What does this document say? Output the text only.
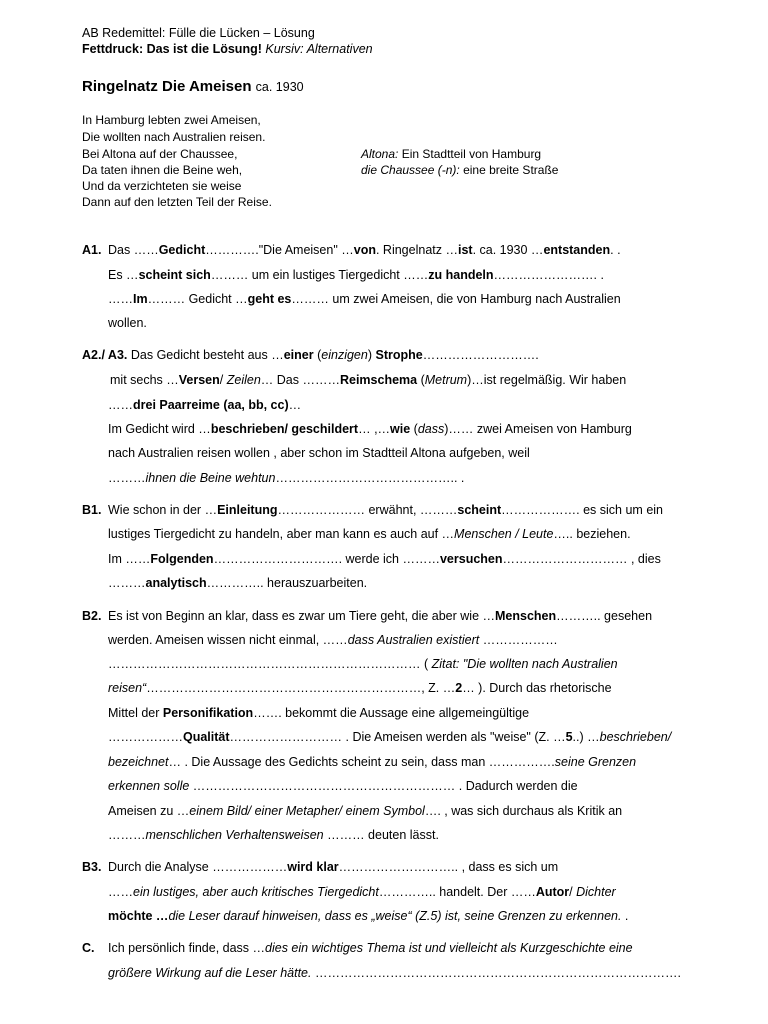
AB Redemittel: Fülle die Lücken – Lösung
Fettdruck: Das ist die Lösung! Kursiv: Alternativen
Ringelnatz Die Ameisen ca. 1930
In Hamburg lebten zwei Ameisen,
Die wollten nach Australien reisen.
Bei Altona auf der Chaussee,
Da taten ihnen die Beine weh,
Und da verzichteten sie weise
Dann auf den letzten Teil der Reise.
Altona: Ein Stadtteil von Hamburg
die Chaussee (-n): eine breite Straße
A1. Das ……Gedicht…………."Die Ameisen" …von. Ringelnatz …ist. ca. 1930 …entstanden. .
Es …scheint sich……… um ein lustiges Tiergedicht ……zu handeln……………………. .
……Im……… Gedicht …geht es……… um zwei Ameisen, die von Hamburg nach Australien
wollen.
A2./ A3. Das Gedicht besteht aus …einer (einzigen) Strophe……………………….
mit sechs …Versen/ Zeilen… Das ………Reimschema (Metrum)…ist regelmäßig. Wir haben
……drei Paarreime (aa, bb, cc)…
Im Gedicht wird …beschrieben/ geschildert… ,…wie (dass)…… zwei Ameisen von Hamburg
nach Australien reisen wollen , aber schon im Stadtteil Altona aufgeben, weil
………ihnen die Beine wehtun…………………………………….. .
B1. Wie schon in der …Einleitung………………… erwähnt, ………scheint………………. es sich um ein
lustiges Tiergedicht zu handeln, aber man kann es auch auf …Menschen / Leute….. beziehen.
Im ……Folgenden…………………………. werde ich ………versuchen………………………… , dies
………analytisch………….. herauszuarbeiten.
B2. Es ist von Beginn an klar, dass es zwar um Tiere geht, die aber wie …Menschen……….. gesehen
werden. Ameisen wissen nicht einmal, ……dass Australien existiert ………………
………………………………………………………………… ( Zitat: "Die wollten nach Australien
reisen“…………………………………………………………, Z. …2… ). Durch das rhetorische
Mittel der Personifikation……. bekommt die Aussage eine allgemeingültige
………………Qualität……………………… . Die Ameisen werden als "weise" (Z. …5..) …beschrieben/
bezeichnet… . Die Aussage des Gedichts scheint zu sein, dass man …………….seine Grenzen
erkennen solle ……………………………………………………… . Dadurch werden die
Ameisen zu …einem Bild/ einer Metapher/ einem Symbol…. , was sich durchaus als Kritik an
………menschlichen Verhaltensweisen ……… deuten lässt.
B3. Durch die Analyse ………………wird klar……………………….. , dass es sich um
……ein lustiges, aber auch kritisches Tiergedicht………….. handelt. Der ……Autor/ Dichter
möchte …die Leser darauf hinweisen, dass es „weise“ (Z.5) ist, seine Grenzen zu erkennen. .
C. Ich persönlich finde, dass …dies ein wichtiges Thema ist und vielleicht als Kurzgeschichte eine
größere Wirkung auf die Leser hätte. …………………………………………………………………………….
